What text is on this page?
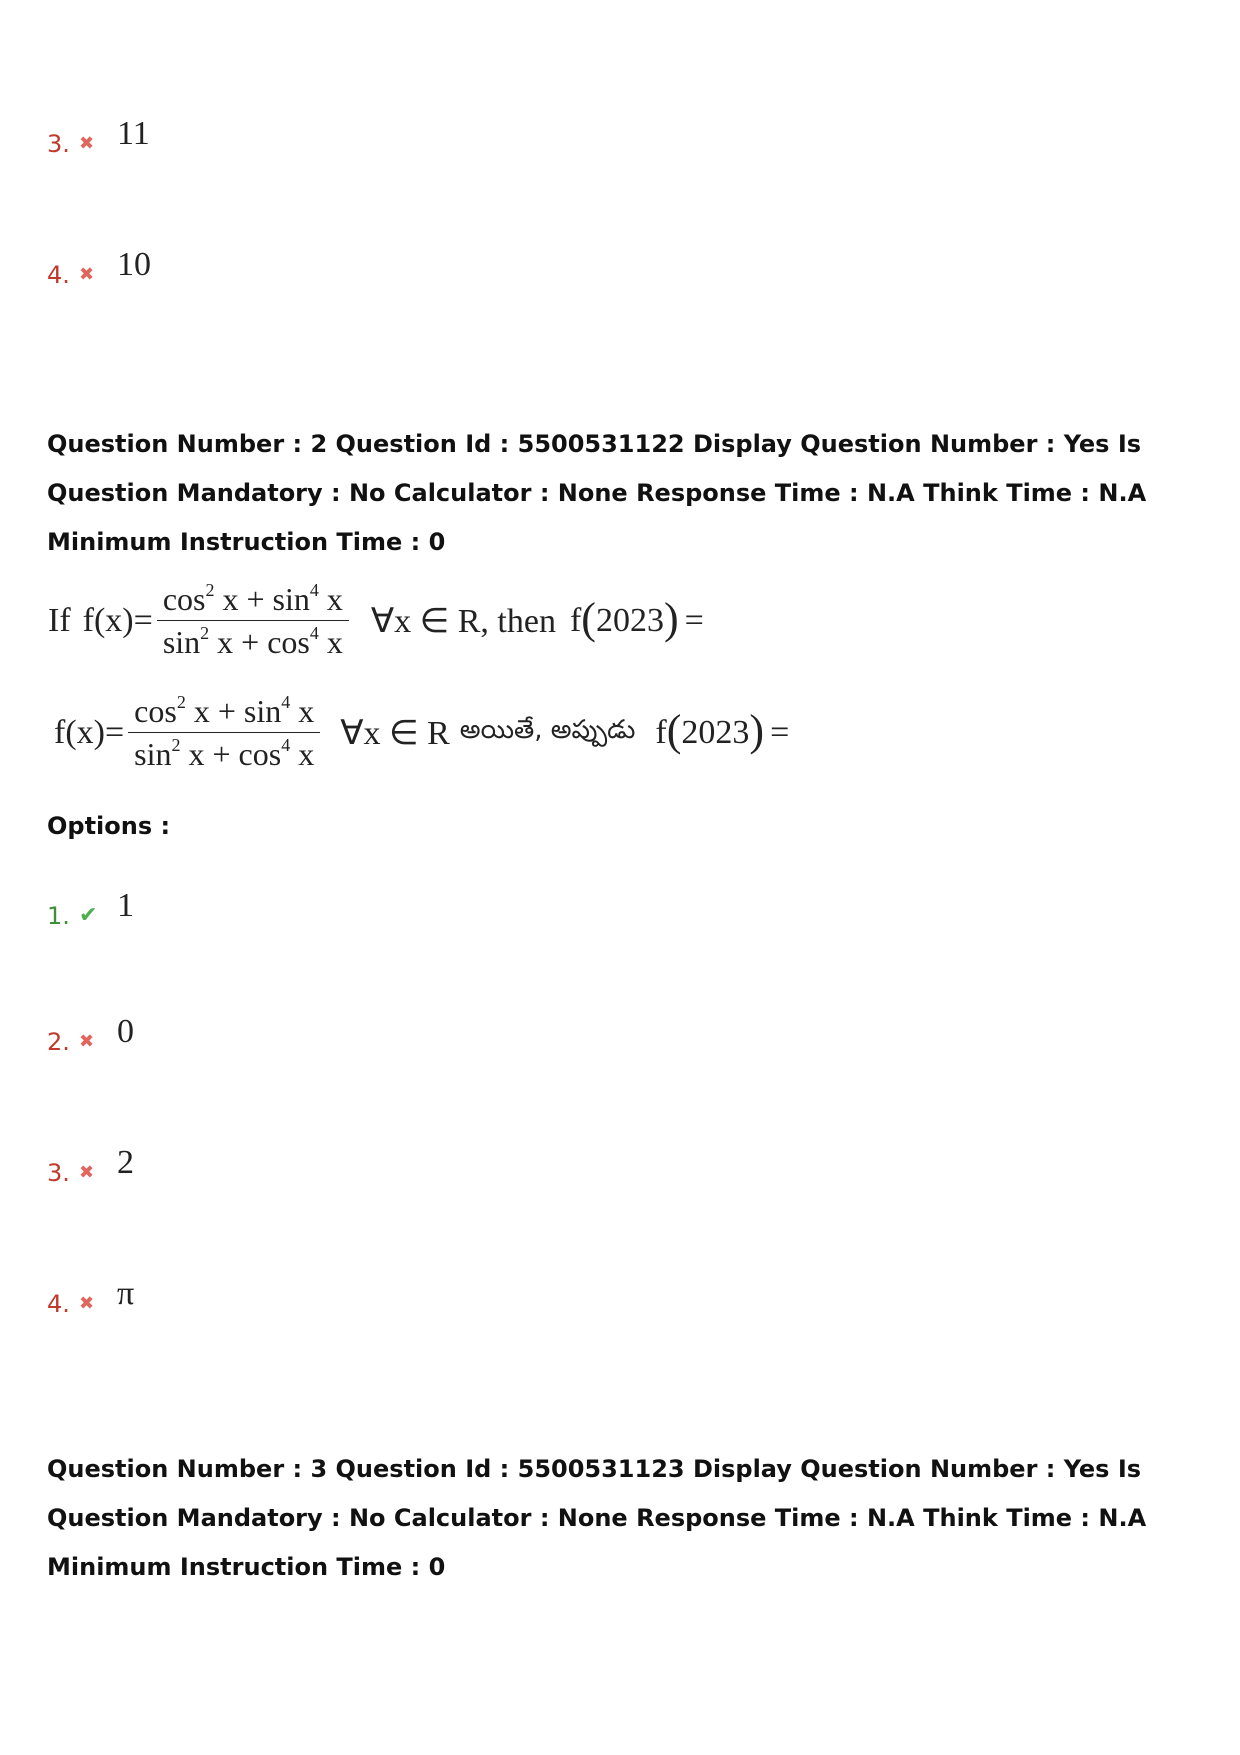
3. ✖ 11
4. ✖ 10
Question Number : 2 Question Id : 5500531122 Display Question Number : Yes Is Question Mandatory : No Calculator : None Response Time : N.A Think Time : N.A Minimum Instruction Time : 0
If $f(x)= \frac{\cos^2 x + \sin^4 x}{\sin^2 x + \cos^4 x}$ ∀x ∈ R, then f ( 2023 ) =
$f(x)= \frac{\cos^2 x + \sin^4 x}{\sin^2 x + \cos^4 x}$ ∀x ∈ R అయితే, అప్పుడు f ( 2023 ) =
Options :
1. ✔ 1
2. ✖ 0
3. ✖ 2
4. ✖ π
Question Number : 3 Question Id : 5500531123 Display Question Number : Yes Is Question Mandatory : No Calculator : None Response Time : N.A Think Time : N.A Minimum Instruction Time : 0
